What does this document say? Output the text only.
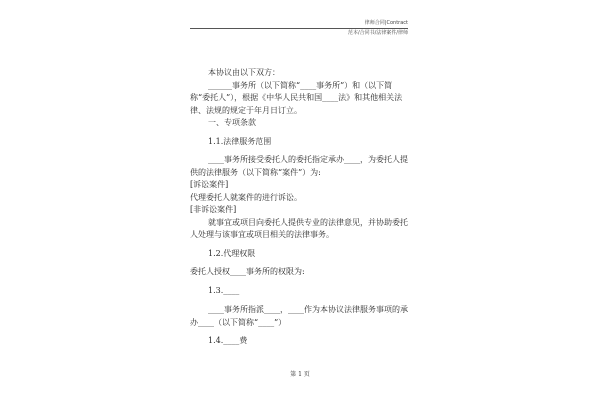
律师合同|Contract
范本/合同书/法律案件/律师

本协议由以下双方：

______事务所（以下简称“____事务所”）和（以下简称“委托人”），根据《中华人民共和国____法》和其他相关法律、法规的规定于年月日订立。

一、专项条款

1.1.法律服务范围

____事务所接受委托人的委托指定承办____，为委托人提供的法律服务（以下简称“案件”）为:

[诉讼案件]

代理委托人就案件的进行诉讼。

[非诉讼案件]

就事宜或项目向委托人提供专业的法律意见，并协助委托人处理与该事宜或项目相关的法律事务。

1.2.代理权限

委托人授权____事务所的权限为:

1.3.____

____事务所指派____，____作为本协议法律服务事项的承办____（以下简称“____”）

1.4.____费

第 1 页
